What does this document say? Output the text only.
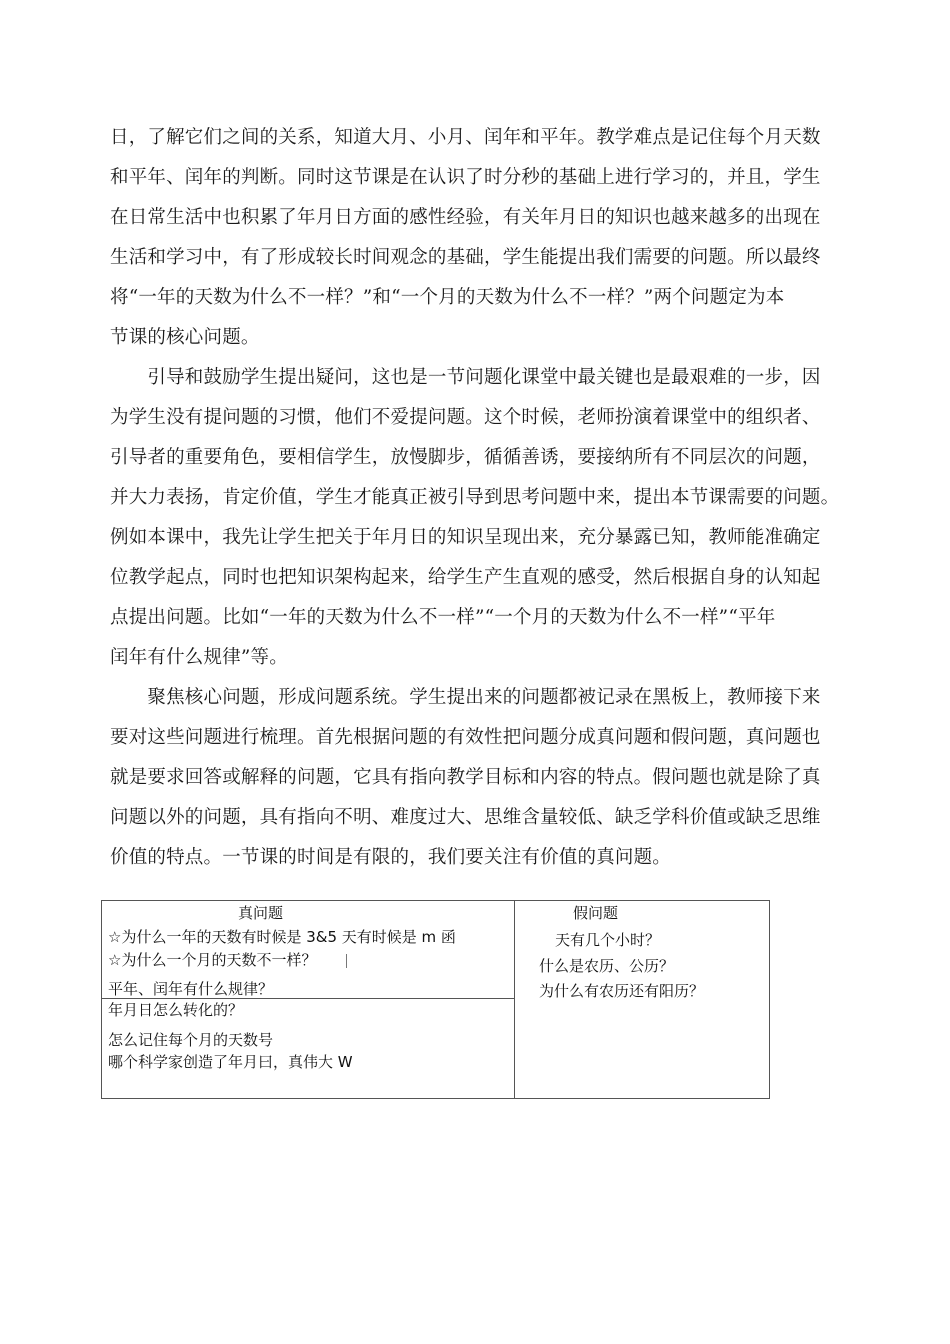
日，了解它们之间的关系，知道大月、小月、闰年和平年。教学难点是记住每个月天数
和平年、闰年的判断。同时这节课是在认识了时分秒的基础上进行学习的，并且，学生
在日常生活中也积累了年月日方面的感性经验，有关年月日的知识也越来越多的出现在
生活和学习中，有了形成较长时间观念的基础，学生能提出我们需要的问题。所以最终
将“一年的天数为什么不一样？”和“一个月的天数为什么不一样？”两个问题定为本
节课的核心问题。
　　引导和鼓励学生提出疑问，这也是一节问题化课堂中最关键也是最艰难的一步，因
为学生没有提问题的习惯，他们不爱提问题。这个时候，老师扮演着课堂中的组织者、
引导者的重要角色，要相信学生，放慢脚步，循循善诱，要接纳所有不同层次的问题，
并大力表扬，肯定价值，学生才能真正被引导到思考问题中来，提出本节课需要的问题。
例如本课中，我先让学生把关于年月日的知识呈现出来，充分暴露已知，教师能准确定
位教学起点，同时也把知识架构起来，给学生产生直观的感受，然后根据自身的认知起
点提出问题。比如“一年的天数为什么不一样”“一个月的天数为什么不一样”“平年
闰年有什么规律”等。
　　聚焦核心问题，形成问题系统。学生提出来的问题都被记录在黑板上，教师接下来
要对这些问题进行梳理。首先根据问题的有效性把问题分成真问题和假问题，真问题也
就是要求回答或解释的问题，它具有指向教学目标和内容的特点。假问题也就是除了真
问题以外的问题，具有指向不明、难度过大、思维含量较低、缺乏学科价值或缺乏思维
价值的特点。一节课的时间是有限的，我们要关注有价值的真问题。
真问题
☆为什么一年的天数有时候是 3&5 天有时候是 m 函
☆为什么一个月的天数不一样？
平年、闰年有什么规律？
年月日怎么转化的？
怎么记住每个月的天数号
哪个科学家创造了年月曰，真伟大 W
假问题
天有几个小时？
什么是农历、公历？
为什么有农历还有阳历？
